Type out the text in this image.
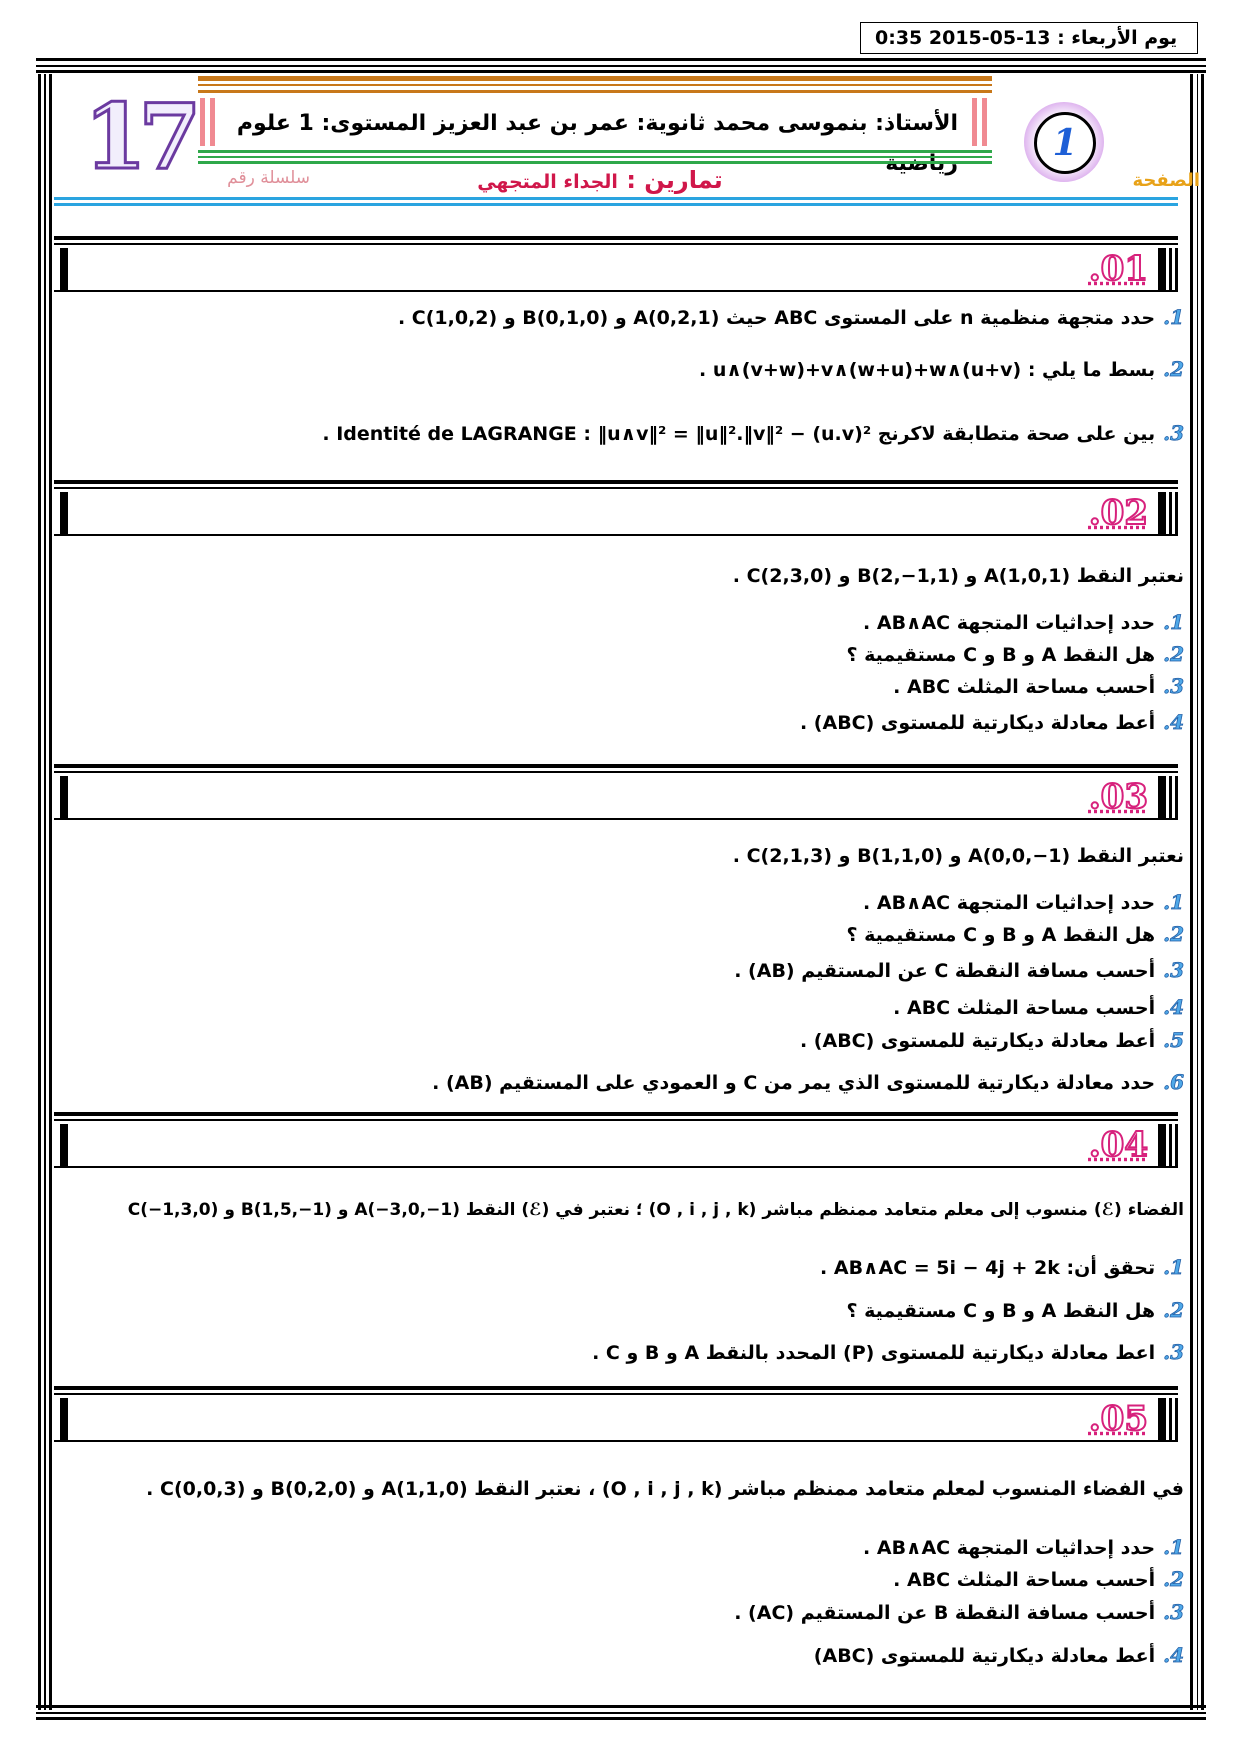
يوم الأربعاء : 13-05-2015 0:35
17	الأستاذ: بنموسى محمد ثانوية: عمر بن عبد العزيز المستوى: 1 علوم	1
الصفحة
سلسلة رقم	تمارين : الجداء المتجهي
.01
1.حدد متجهة منظمية n على المستوى ABC حيث A(0,2,1) و B(0,1,0) و C(1,0,2) .
2.بسط ما يلي : u∧(v+w)+v∧(w+u)+w∧(u+v) .
3.بين على صحة متطابقة لاكرنج Identité de LAGRANGE : ‖u∧v‖² = ‖u‖².‖v‖² − (u.v)² .
.02
نعتبر النقط A(1,0,1) و B(2,−1,1) و C(2,3,0) .
1.حدد إحداثيات المتجهة AB∧AC .
2.هل النقط A و B و C مستقيمية ؟
3.أحسب مساحة المثلث ABC .
4.أعط معادلة ديكارتية للمستوى (ABC) .
.03
نعتبر النقط A(0,0,−1) و B(1,1,0) و C(2,1,3) .
1.حدد إحداثيات المتجهة AB∧AC .
2.هل النقط A و B و C مستقيمية ؟
3.أحسب مسافة النقطة C عن المستقيم (AB) .
4.أحسب مساحة المثلث ABC .
5.أعط معادلة ديكارتية للمستوى (ABC) .
6.حدد معادلة ديكارتية للمستوى الذي يمر من C و العمودي على المستقيم (AB) .
.04
الفضاء (ℰ) منسوب إلى معلم متعامد ممنظم مباشر (O , i , j , k) ؛ نعتبر في (ℰ) النقط A(−3,0,−1) و B(1,5,−1) و C(−1,3,0)
1.تحقق أن: AB∧AC = 5i − 4j + 2k .
2.هل النقط A و B و C مستقيمية ؟
3.اعط معادلة ديكارتية للمستوى (P) المحدد بالنقط A و B و C .
.05
في الفضاء المنسوب لمعلم متعامد ممنظم مباشر (O , i , j , k) ، نعتبر النقط A(1,1,0) و B(0,2,0) و C(0,0,3) .
1.حدد إحداثيات المتجهة AB∧AC .
2.أحسب مساحة المثلث ABC .
3.أحسب مسافة النقطة B عن المستقيم (AC) .
4.أعط معادلة ديكارتية للمستوى (ABC)
